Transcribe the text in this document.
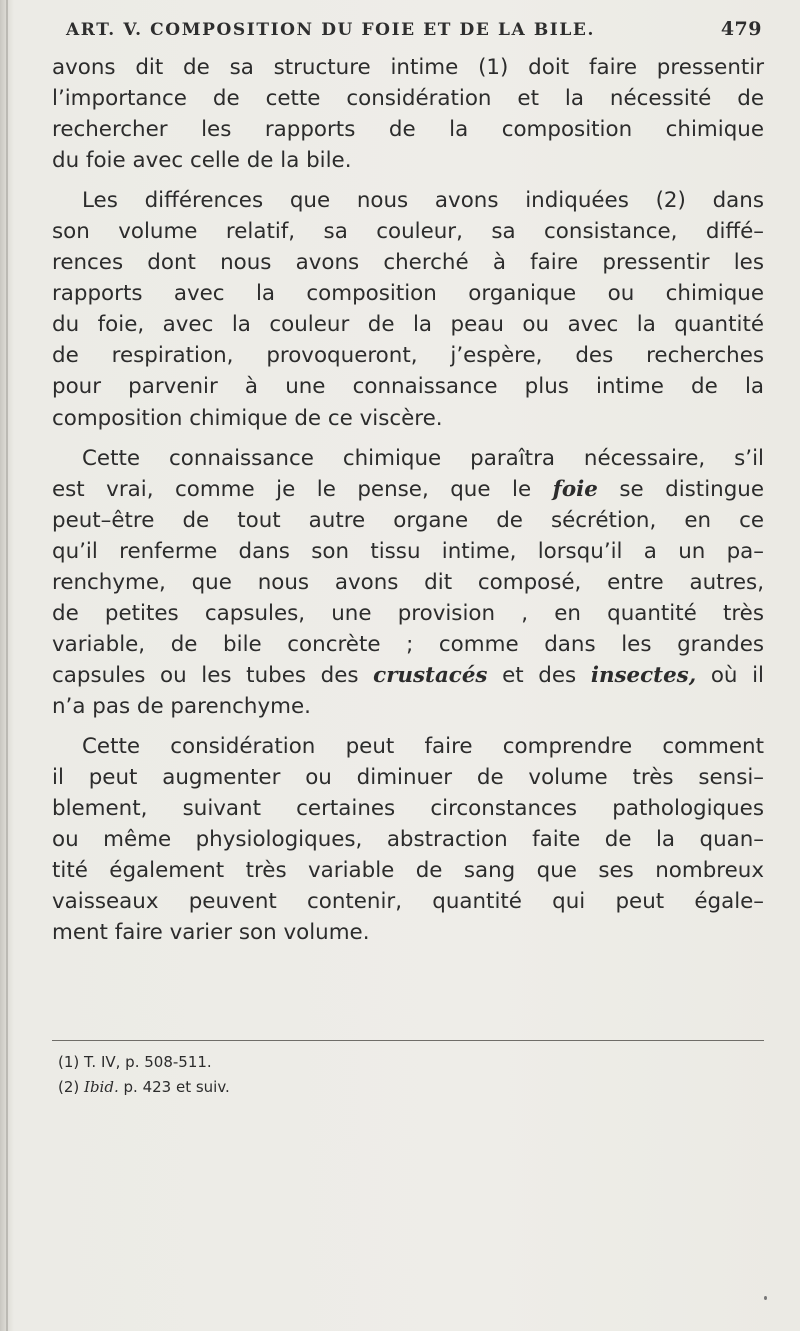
ART. V. COMPOSITION DU FOIE ET DE LA BILE.	479
avons dit de sa structure intime (1) doit faire pressentir
l’importance de cette considération et la nécessité de
rechercher les rapports de la composition chimique
du foie avec celle de la bile.
Les différences que nous avons indiquées (2) dans
son volume relatif, sa couleur, sa consistance, diffé–
rences dont nous avons cherché à faire pressentir les
rapports avec la composition organique ou chimique
du foie, avec la couleur de la peau ou avec la quantité
de respiration, provoqueront, j’espère, des recherches
pour parvenir à une connaissance plus intime de la
composition chimique de ce viscère.
Cette connaissance chimique paraîtra nécessaire, s’il
est vrai, comme je le pense, que le foie se distingue
peut–être de tout autre organe de sécrétion, en ce
qu’il renferme dans son tissu intime, lorsqu’il a un pa–
renchyme, que nous avons dit composé, entre autres,
de petites capsules, une provision , en quantité très
variable, de bile concrète ; comme dans les grandes
capsules ou les tubes des crustacés et des insectes, où il
n’a pas de parenchyme.
Cette considération peut faire comprendre comment
il peut augmenter ou diminuer de volume très sensi–
blement, suivant certaines circonstances pathologiques
ou même physiologiques, abstraction faite de la quan–
tité également très variable de sang que ses nombreux
vaisseaux peuvent contenir, quantité qui peut égale–
ment faire varier son volume.
(1) T. IV, p. 508-511.
(2) Ibid. p. 423 et suiv.
